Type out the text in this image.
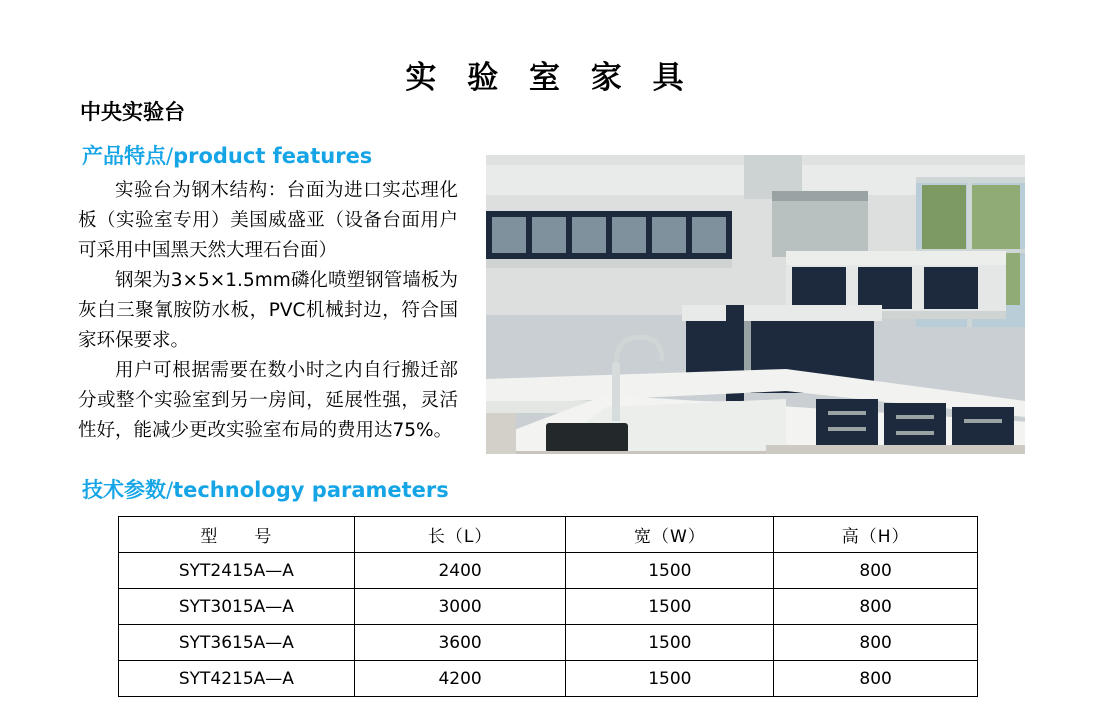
实 验 室 家 具
中央实验台
产品特点/product features

实验台为钢木结构：台面为进口实芯理化板（实验室专用）美国威盛亚（设备台面用户可采用中国黑天然大理石台面）

钢架为3×5×1.5mm磷化喷塑钢管墙板为灰白三聚氰胺防水板，PVC机械封边，符合国家环保要求。

用户可根据需要在数小时之内自行搬迁部分或整个实验室到另一房间，延展性强，灵活性好，能减少更改实验室布局的费用达75%。

技术参数/technology parameters
型　　号	长（L）	宽（W）	高（H）
SYT2415A—A	2400	1500	800
SYT3015A—A	3000	1500	800
SYT3615A—A	3600	1500	800
SYT4215A—A	4200	1500	800
